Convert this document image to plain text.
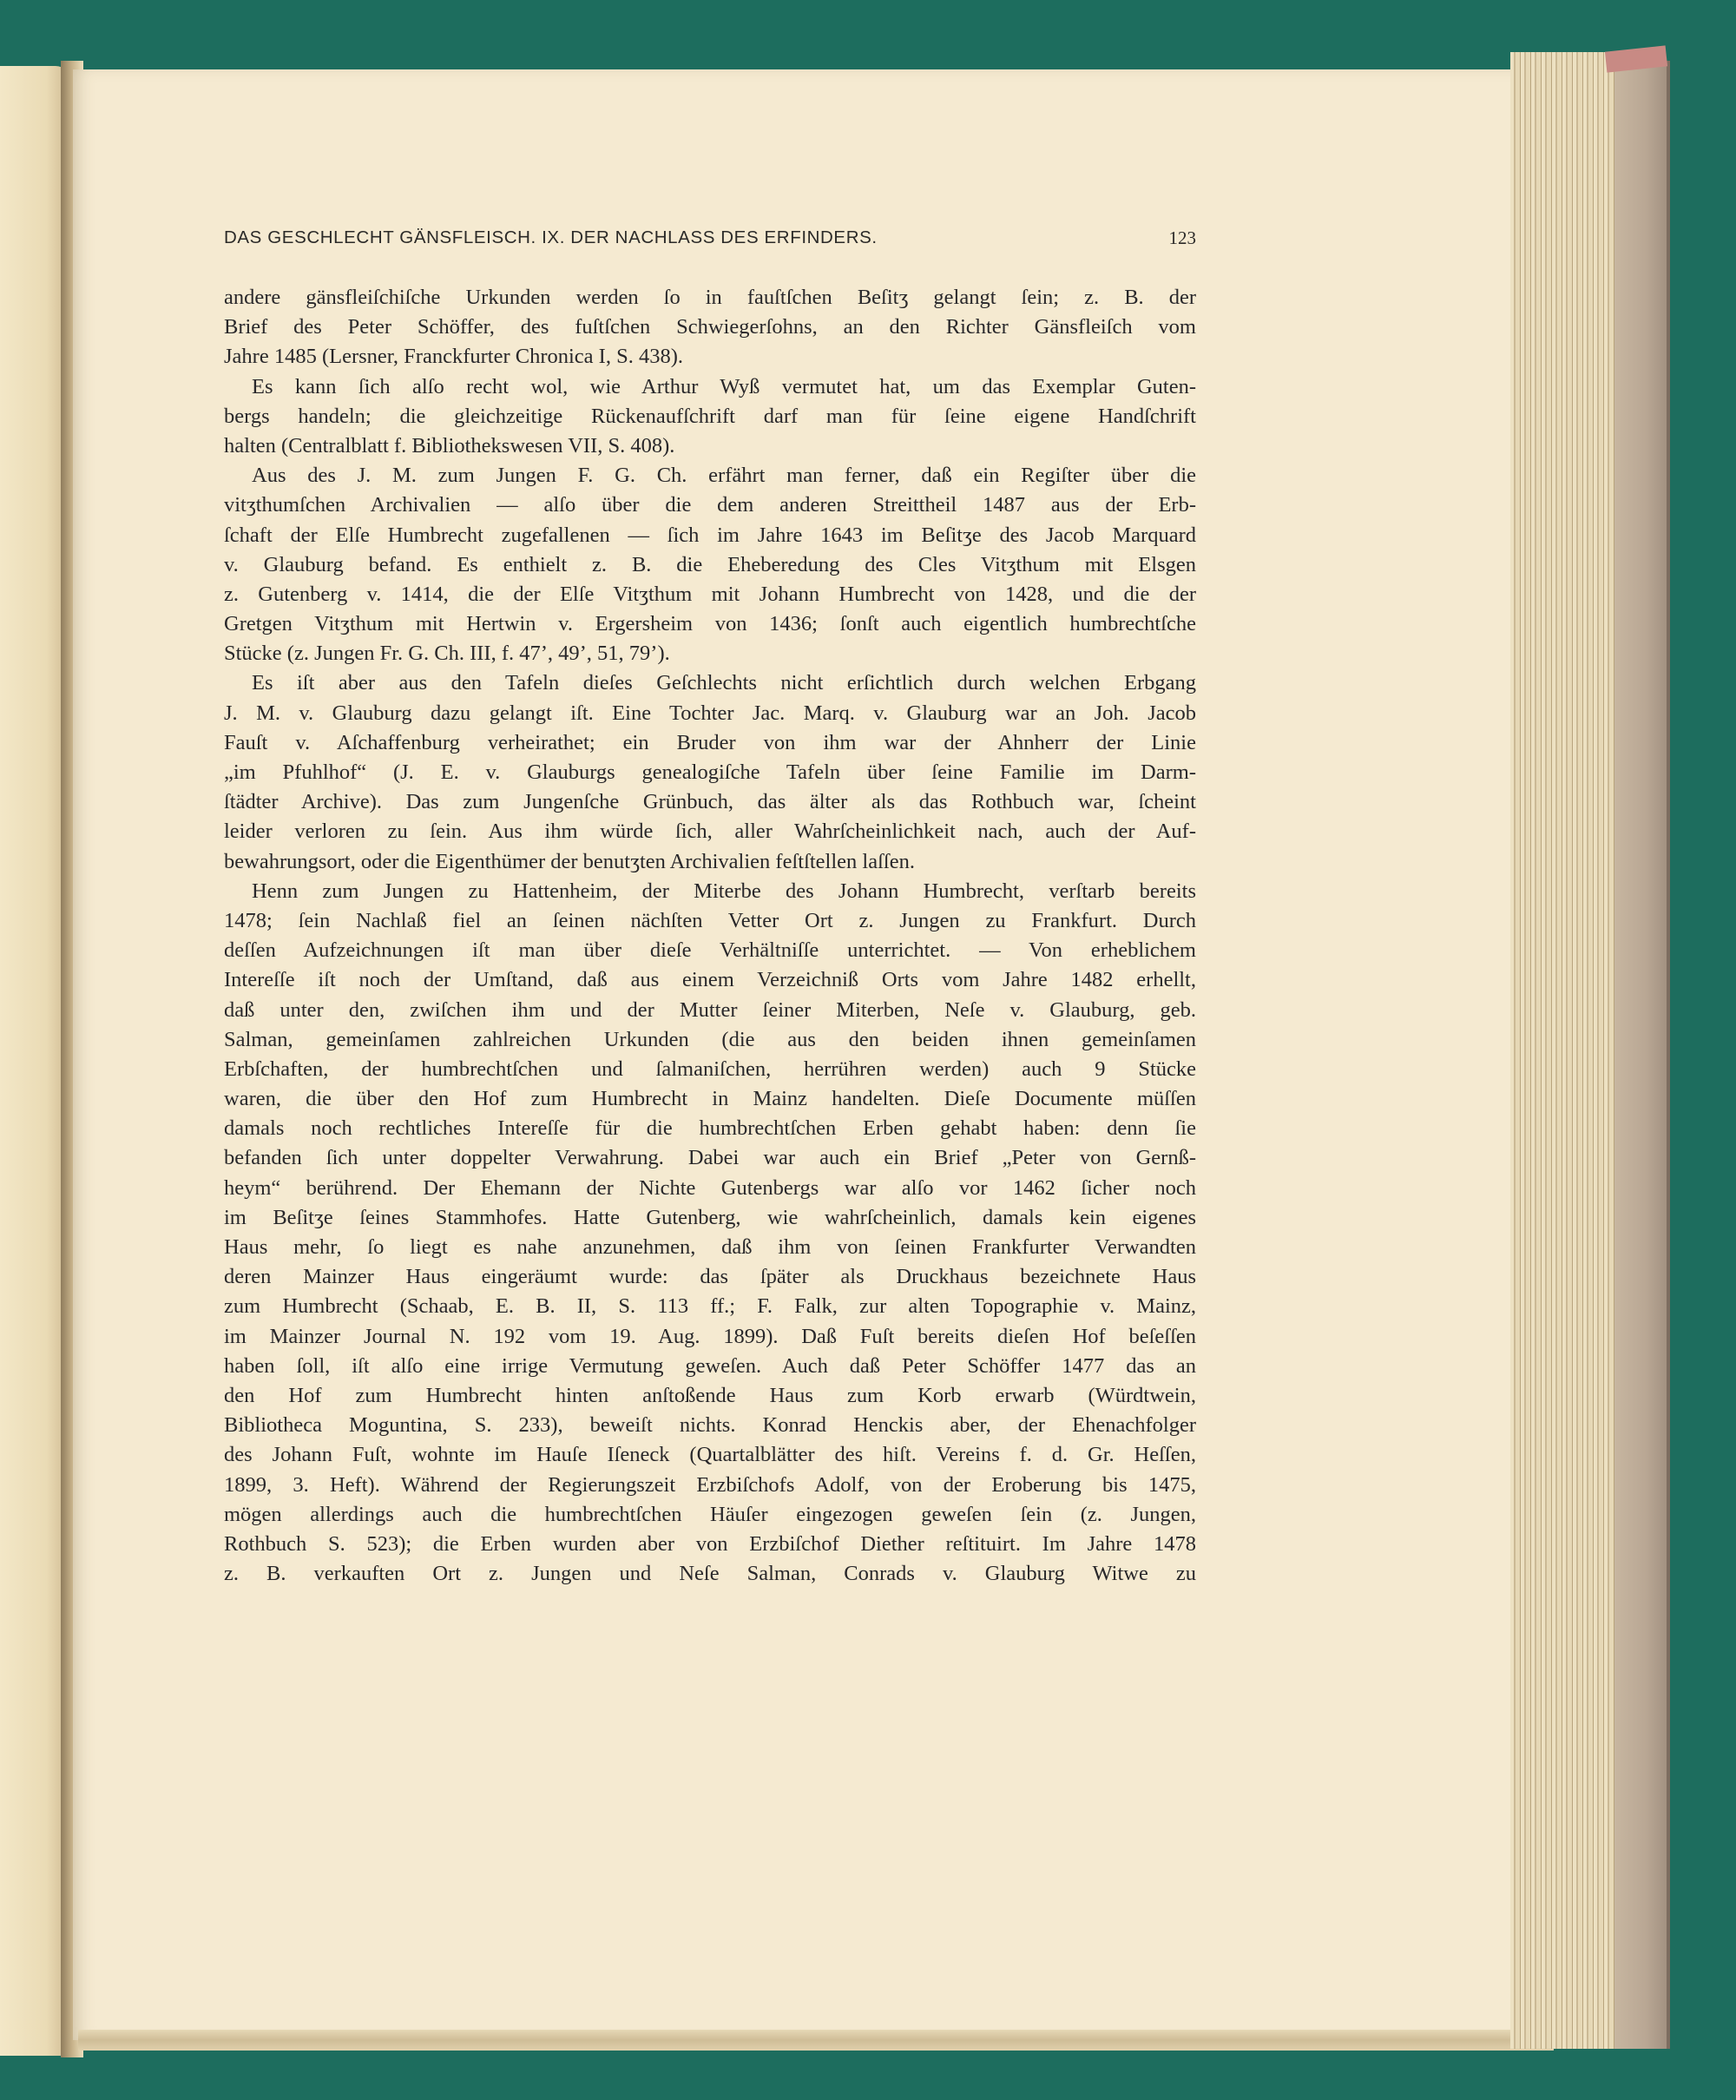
DAS GESCHLECHT GÄNSFLEISCH. IX. DER NACHLASS DES ERFINDERS.	123
andere gänsfleiſchiſche Urkunden werden ſo in fauſtſchen Beſitʒ gelangt ſein; z. B. der
Brief des Peter Schöffer, des fuſtſchen Schwiegerſohns, an den Richter Gänsfleiſch vom
Jahre 1485 (Lersner, Franckfurter Chronica I, S. 438).
Es kann ſich alſo recht wol, wie Arthur Wyß vermutet hat, um das Exemplar Guten-
bergs handeln; die gleichzeitige Rückenaufſchrift darf man für ſeine eigene Handſchrift
halten (Centralblatt f. Bibliothekswesen VII, S. 408).
Aus des J. M. zum Jungen F. G. Ch. erfährt man ferner, daß ein Regiſter über die
vitʒthumſchen Archivalien — alſo über die dem anderen Streittheil 1487 aus der Erb-
ſchaft der Elſe Humbrecht zugefallenen — ſich im Jahre 1643 im Beſitʒe des Jacob Marquard
v. Glauburg befand. Es enthielt z. B. die Eheberedung des Cles Vitʒthum mit Elsgen
z. Gutenberg v. 1414, die der Elſe Vitʒthum mit Johann Humbrecht von 1428, und die der
Gretgen Vitʒthum mit Hertwin v. Ergersheim von 1436; ſonſt auch eigentlich humbrechtſche
Stücke (z. Jungen Fr. G. Ch. III, f. 47’, 49’, 51, 79’).
Es iſt aber aus den Tafeln dieſes Geſchlechts nicht erſichtlich durch welchen Erbgang
J. M. v. Glauburg dazu gelangt iſt. Eine Tochter Jac. Marq. v. Glauburg war an Joh. Jacob
Fauſt v. Aſchaffenburg verheirathet; ein Bruder von ihm war der Ahnherr der Linie
„im Pfuhlhof“ (J. E. v. Glauburgs genealogiſche Tafeln über ſeine Familie im Darm-
ſtädter Archive). Das zum Jungenſche Grünbuch, das älter als das Rothbuch war, ſcheint
leider verloren zu ſein. Aus ihm würde ſich, aller Wahrſcheinlichkeit nach, auch der Auf-
bewahrungsort, oder die Eigenthümer der benutʒten Archivalien feſtſtellen laſſen.
Henn zum Jungen zu Hattenheim, der Miterbe des Johann Humbrecht, verſtarb bereits
1478; ſein Nachlaß fiel an ſeinen nächſten Vetter Ort z. Jungen zu Frankfurt. Durch
deſſen Aufzeichnungen iſt man über dieſe Verhältniſſe unterrichtet. — Von erheblichem
Intereſſe iſt noch der Umſtand, daß aus einem Verzeichniß Orts vom Jahre 1482 erhellt,
daß unter den, zwiſchen ihm und der Mutter ſeiner Miterben, Neſe v. Glauburg, geb.
Salman, gemeinſamen zahlreichen Urkunden (die aus den beiden ihnen gemeinſamen
Erbſchaften, der humbrechtſchen und ſalmaniſchen, herrühren werden) auch 9 Stücke
waren, die über den Hof zum Humbrecht in Mainz handelten. Dieſe Documente müſſen
damals noch rechtliches Intereſſe für die humbrechtſchen Erben gehabt haben: denn ſie
befanden ſich unter doppelter Verwahrung. Dabei war auch ein Brief „Peter von Gernß-
heym“ berührend. Der Ehemann der Nichte Gutenbergs war alſo vor 1462 ſicher noch
im Beſitʒe ſeines Stammhofes. Hatte Gutenberg, wie wahrſcheinlich, damals kein eigenes
Haus mehr, ſo liegt es nahe anzunehmen, daß ihm von ſeinen Frankfurter Verwandten
deren Mainzer Haus eingeräumt wurde: das ſpäter als Druckhaus bezeichnete Haus
zum Humbrecht (Schaab, E. B. II, S. 113 ff.; F. Falk, zur alten Topographie v. Mainz,
im Mainzer Journal N. 192 vom 19. Aug. 1899). Daß Fuſt bereits dieſen Hof beſeſſen
haben ſoll, iſt alſo eine irrige Vermutung geweſen. Auch daß Peter Schöffer 1477 das an
den Hof zum Humbrecht hinten anſtoßende Haus zum Korb erwarb (Würdtwein,
Bibliotheca Moguntina, S. 233), beweiſt nichts. Konrad Henckis aber, der Ehenachfolger
des Johann Fuſt, wohnte im Hauſe Iſeneck (Quartalblätter des hiſt. Vereins f. d. Gr. Heſſen,
1899, 3. Heft). Während der Regierungszeit Erzbiſchofs Adolf, von der Eroberung bis 1475,
mögen allerdings auch die humbrechtſchen Häuſer eingezogen geweſen ſein (z. Jungen,
Rothbuch S. 523); die Erben wurden aber von Erzbiſchof Diether reſtituirt. Im Jahre 1478
z. B. verkauften Ort z. Jungen und Neſe Salman, Conrads v. Glauburg Witwe zu
